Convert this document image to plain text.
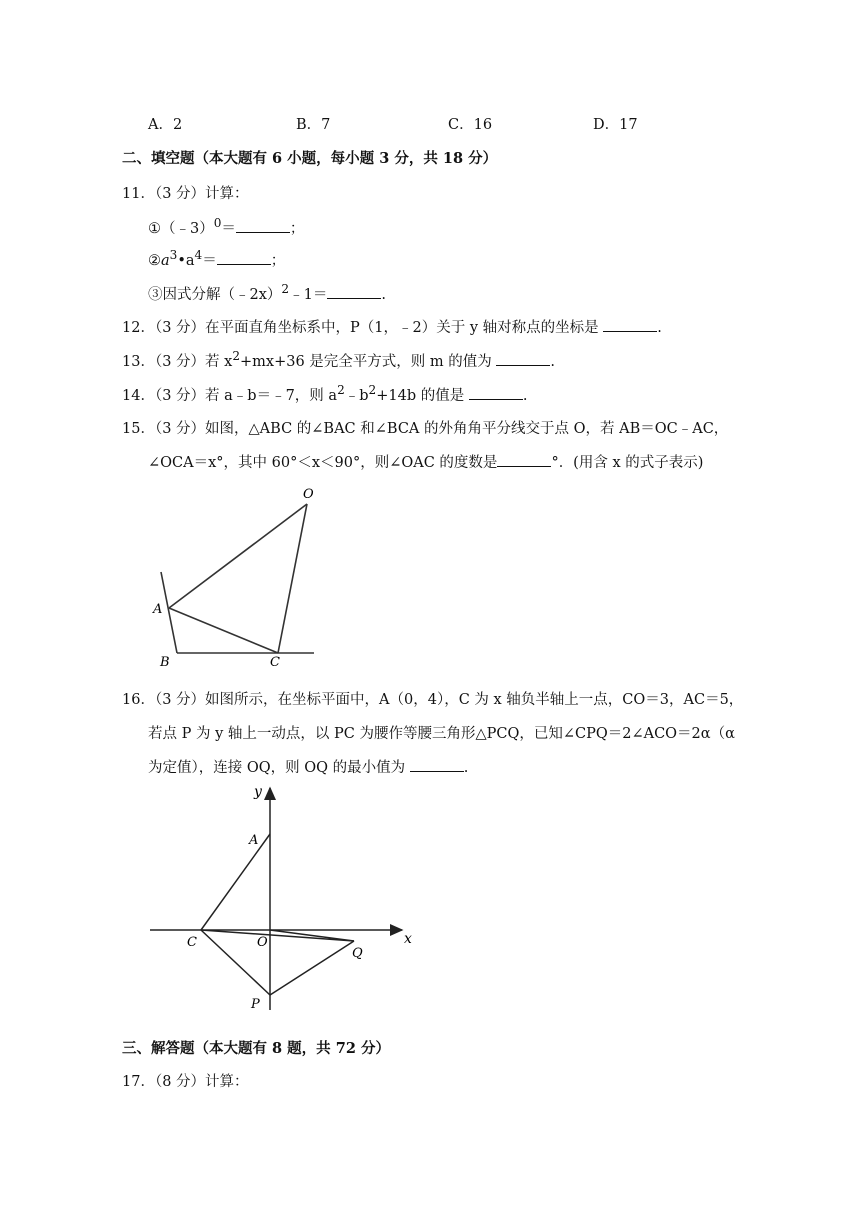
A．2	B．7	C．16	D．17
二、填空题（本大题有 6 小题，每小题 3 分，共 18 分）
11．（3 分）计算：
①（﹣3）$^0$＝	；
$②a^3•a^4=$	；
③因式分解（﹣2x）$^2$﹣1＝	.
12．（3 分）在平面直角坐标系中，P（1，﹣2）关于 y 轴对称点的坐标是	.
13．（3 分）若 $x^2+mx+36$ 是完全平方式，则 m 的值为	.
14．（3 分）若 a﹣b＝﹣7，则 $a^2﹣b^2+14b$ 的值是	.
15．（3 分）如图，△ABC 的∠BAC 和∠BCA 的外角角平分线交于点 O，若 AB＝OC﹣AC，
∠OCA＝x°，其中 60°＜x＜90°，则∠OAC 的度数是	°．(用含 x 的式子表示)
O
A
B	C
16．（3 分）如图所示，在坐标平面中，A（0，4），C 为 x 轴负半轴上一点，CO＝3，AC＝5，
若点 P 为 y 轴上一动点，以 PC 为腰作等腰三角形△PCQ，已知∠CPQ＝2∠ACO＝2α（α
为定值），连接 OQ，则 OQ 的最小值为	.
y
x
A
C	O
Q
P
三、解答题（本大题有 8 题，共 72 分）
17．（8 分）计算：
